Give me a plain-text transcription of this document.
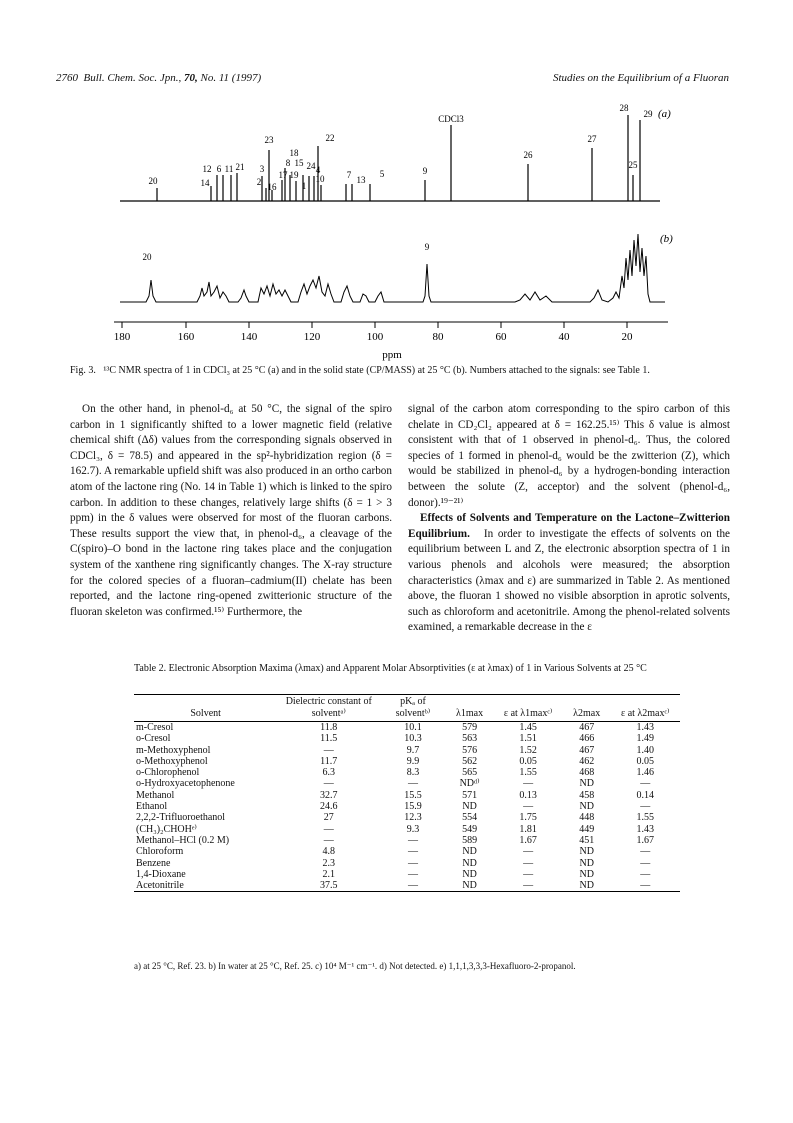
2760 Bull. Chem. Soc. Jpn., 70, No. 11 (1997)	Studies on the Equilibrium of a Fluoran
20	14
12 6 11 21 3
2 16
23
18
8 15 24
17 19
1
4
10
22
7 13
5	9
26
27
28
29
25
CDCl3	(a)
20
9
(b)
180	160	140	120	100	80	60	40	20
ppm
Fig. 3. ¹³C NMR spectra of 1 in CDCl₃ at 25 °C (a) and in the solid state (CP/MASS) at 25 °C (b). Numbers attached to the signals: see Table 1.

On the other hand, in phenol-d₆ at 50 °C, the signal of the spiro carbon in 1 significantly shifted to a lower magnetic field (relative chemical shift (Δδ) values from the corresponding signals observed in CDCl₃, δ = 78.5) and appeared in the sp²-hybridization region (δ = 162.7). A remarkable upfield shift was also produced in an ortho carbon atom of the lactone ring (No. 14 in Table 1) which is linked to the spiro carbon. In addition to these changes, relatively large shifts (δ = 1 > 3 ppm) in the δ values were observed for most of the fluoran carbons. These results support the view that, in phenol-d₆, a cleavage of the C(spiro)–O bond in the lactone ring takes place and the conjugation system of the xanthene ring significantly changes. The X-ray structure for the colored species of a fluoran–cadmium(II) chelate has been reported, and the lactone ring-opened zwitterionic structure of the fluoran skeleton was confirmed.¹⁵⁾ Furthermore, the

signal of the carbon atom corresponding to the spiro carbon of this chelate in CD₂Cl₂ appeared at δ = 162.25.¹⁵⁾ This δ value is almost consistent with that of 1 observed in phenol-d₆. Thus, the colored species of 1 formed in phenol-d₆ would be the zwitterion (Z), which would be stabilized in phenol-d₆ by a hydrogen-bonding interaction between the solute (Z, acceptor) and the solvent (phenol-d₆, donor).¹⁹⁻²¹⁾

Effects of Solvents and Temperature on the Lactone–Zwitterion Equilibrium. In order to investigate the effects of solvents on the equilibrium between L and Z, the electronic absorption spectra of 1 in various phenols and alcohols were measured; the absorption characteristics (λmax and ε) are summarized in Table 2. As mentioned above, the fluoran 1 showed no visible absorption in aprotic solvents, such as chloroform and acetonitrile. Among the phenol-related solvents examined, a remarkable decrease in the ε

Table 2. Electronic Absorption Maxima (λmax) and Apparent Molar Absorptivities (ε at λmax) of 1 in Various Solvents at 25 °C
Solvent	Dielectric constant of solventᵃ⁾	pKₐ of solventᵇ⁾	λ1max	ε at λ1maxᶜ⁾	λ2max	ε at λ2maxᶜ⁾
m-Cresol	11.8	10.1	579	1.45	467	1.43
o-Cresol	11.5	10.3	563	1.51	466	1.49
m-Methoxyphenol	—	9.7	576	1.52	467	1.40
o-Methoxyphenol	11.7	9.9	562	0.05	462	0.05
o-Chlorophenol	6.3	8.3	565	1.55	468	1.46
o-Hydroxyacetophenone	—	—	NDᵈ⁾	—	ND	—
Methanol	32.7	15.5	571	0.13	458	0.14
Ethanol	24.6	15.9	ND	—	ND	—
2,2,2-Trifluoroethanol	27	12.3	554	1.75	448	1.55
(CH₃)₂CHOHᵉ⁾	—	9.3	549	1.81	449	1.43
Methanol–HCl (0.2 M)	—	—	589	1.67	451	1.67
Chloroform	4.8	—	ND	—	ND	—
Benzene	2.3	—	ND	—	ND	—
1,4-Dioxane	2.1	—	ND	—	ND	—
Acetonitrile	37.5	—	ND	—	ND	—
a) at 25 °C, Ref. 23. b) In water at 25 °C, Ref. 25. c) 10⁴ M⁻¹ cm⁻¹. d) Not detected. e) 1,1,1,3,3,3-Hexafluoro-2-propanol.
